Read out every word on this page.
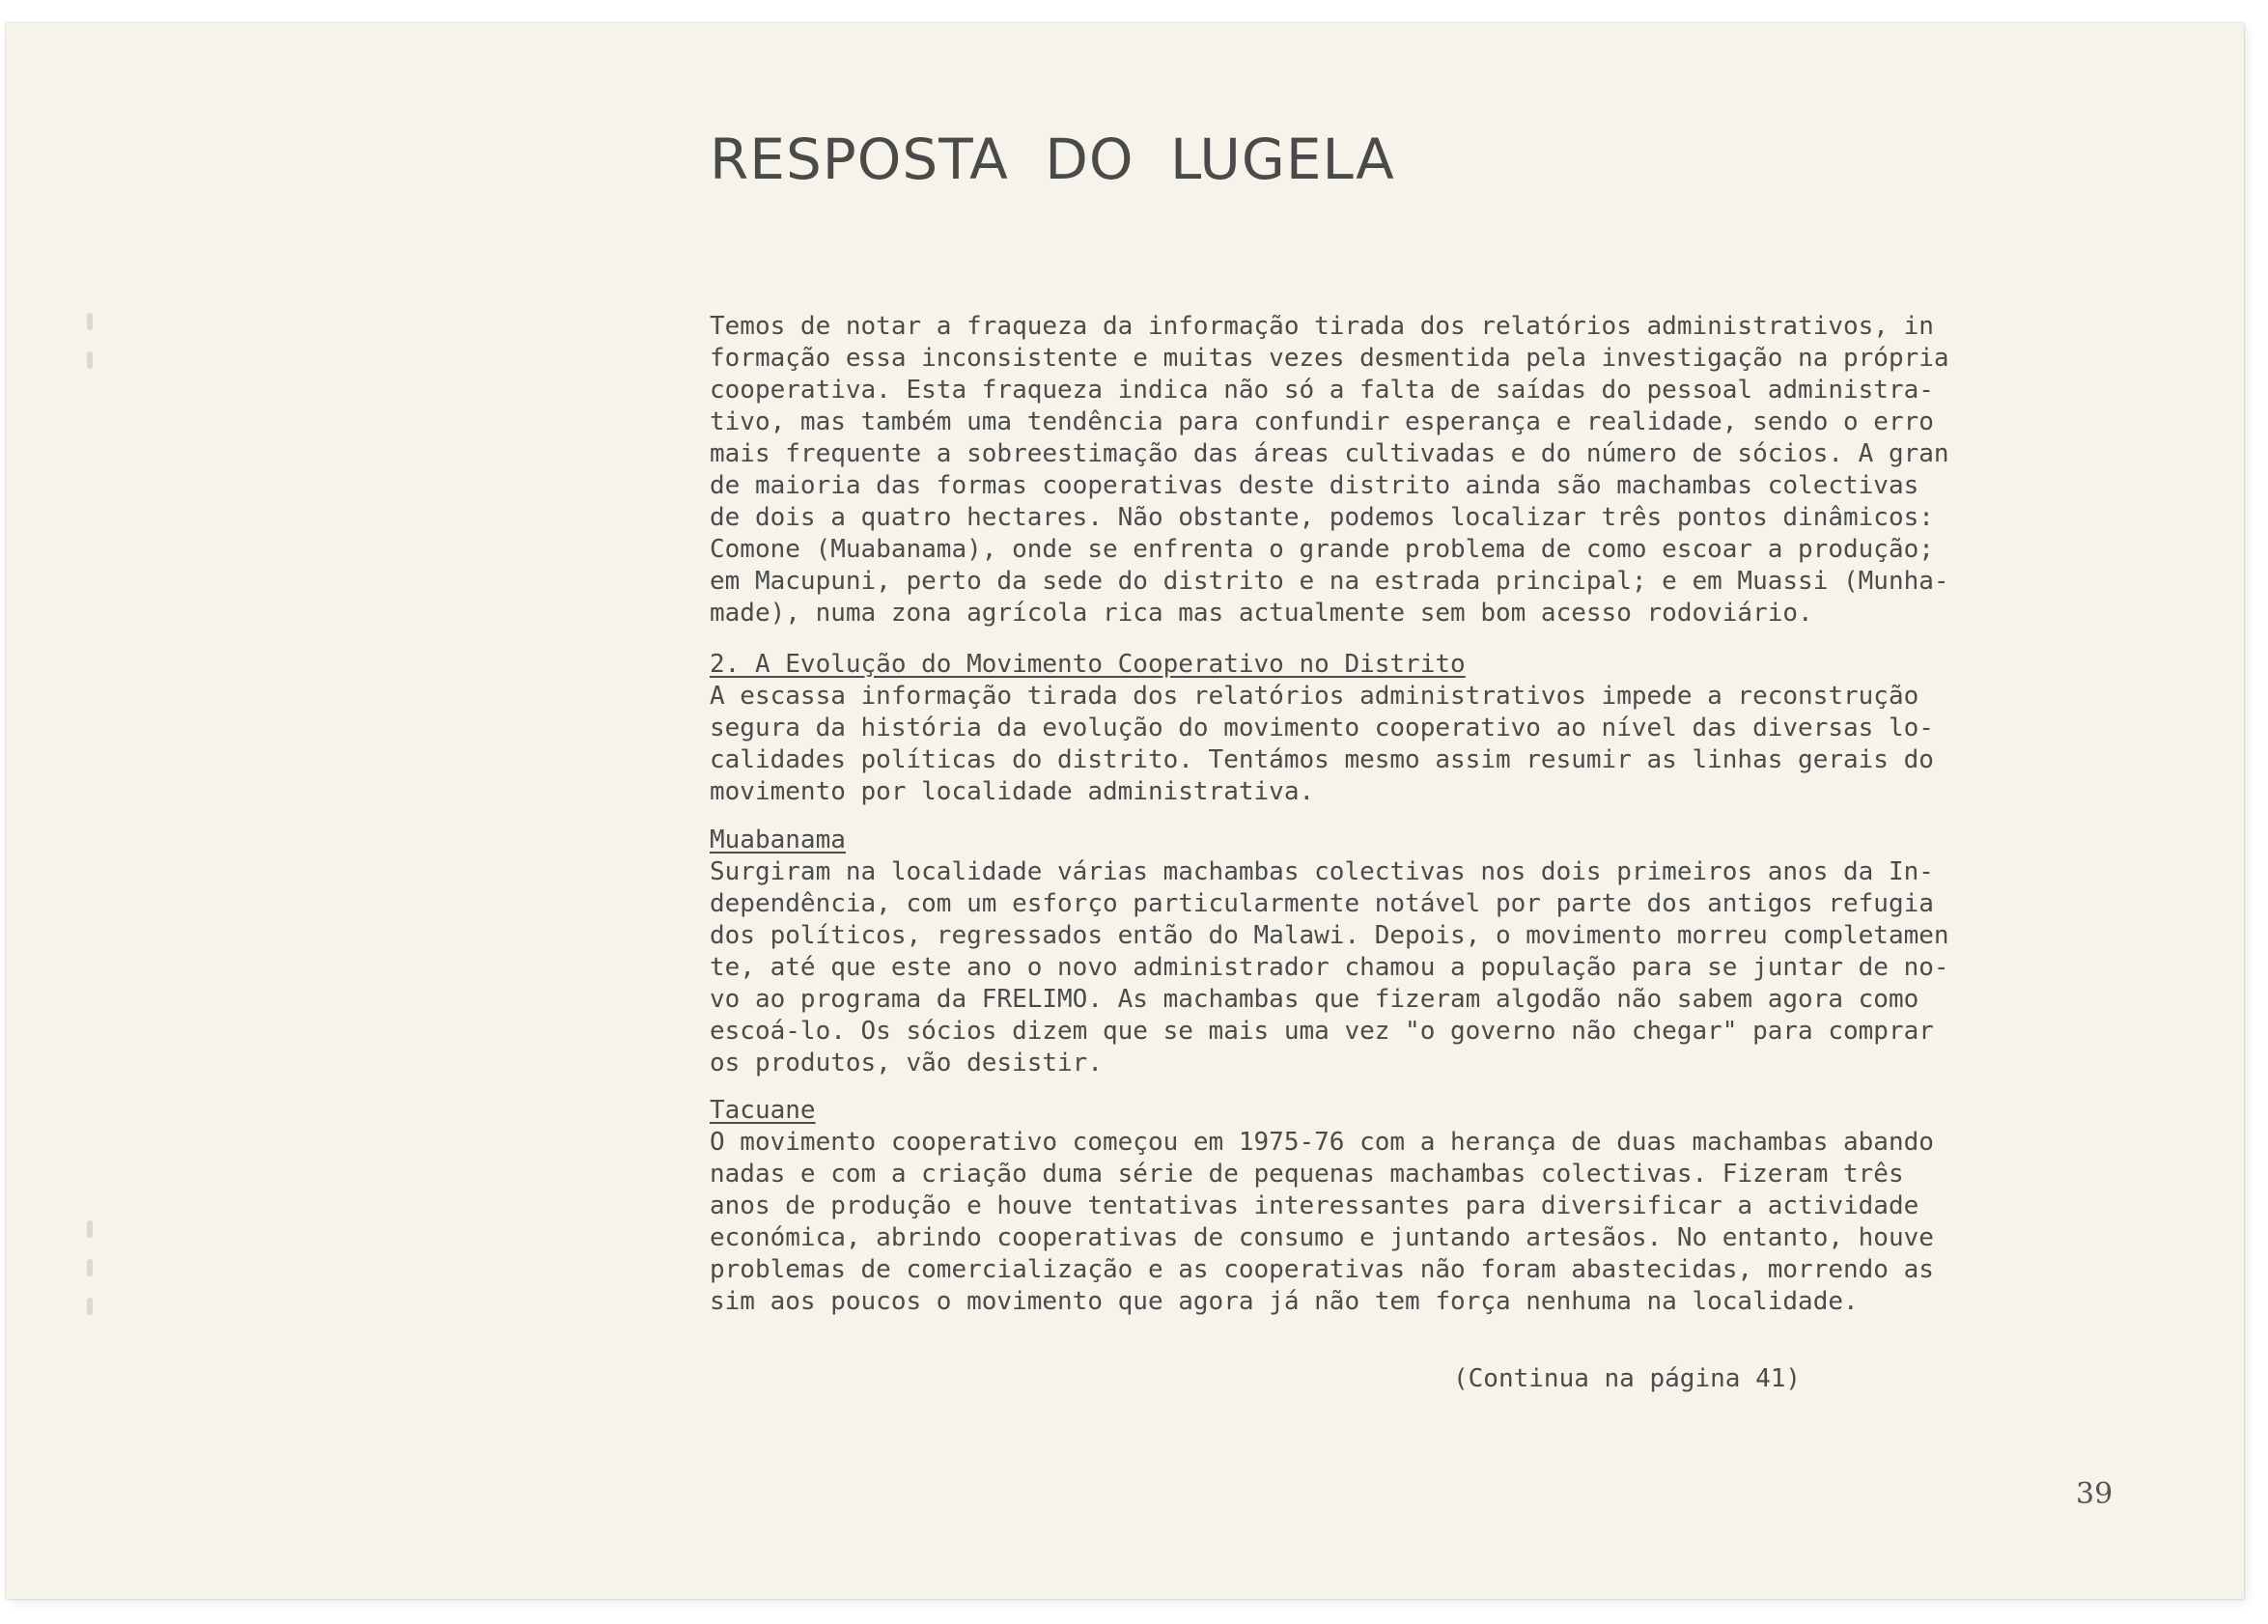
RESPOSTA DO LUGELA

Temos de notar a fraqueza da informação tirada dos relatórios administrativos, in
formação essa inconsistente e muitas vezes desmentida pela investigação na própria
cooperativa. Esta fraqueza indica não só a falta de saídas do pessoal administra-
tivo, mas também uma tendência para confundir esperança e realidade, sendo o erro
mais frequente a sobreestimação das áreas cultivadas e do número de sócios. A gran
de maioria das formas cooperativas deste distrito ainda são machambas colectivas
de dois a quatro hectares. Não obstante, podemos localizar três pontos dinâmicos:
Comone (Muabanama), onde se enfrenta o grande problema de como escoar a produção;
em Macupuni, perto da sede do distrito e na estrada principal; e em Muassi (Munha-
made), numa zona agrícola rica mas actualmente sem bom acesso rodoviário.

2. A Evolução do Movimento Cooperativo no Distrito

A escassa informação tirada dos relatórios administrativos impede a reconstrução
segura da história da evolução do movimento cooperativo ao nível das diversas lo-
calidades políticas do distrito. Tentámos mesmo assim resumir as linhas gerais do
movimento por localidade administrativa.

Muabanama

Surgiram na localidade várias machambas colectivas nos dois primeiros anos da In-
dependência, com um esforço particularmente notável por parte dos antigos refugia
dos políticos, regressados então do Malawi. Depois, o movimento morreu completamen
te, até que este ano o novo administrador chamou a população para se juntar de no-
vo ao programa da FRELIMO. As machambas que fizeram algodão não sabem agora como
escoá-lo. Os sócios dizem que se mais uma vez "o governo não chegar" para comprar
os produtos, vão desistir.

Tacuane

O movimento cooperativo começou em 1975-76 com a herança de duas machambas abando
nadas e com a criação duma série de pequenas machambas colectivas. Fizeram três
anos de produção e houve tentativas interessantes para diversificar a actividade
económica, abrindo cooperativas de consumo e juntando artesãos. No entanto, houve
problemas de comercialização e as cooperativas não foram abastecidas, morrendo as
sim aos poucos o movimento que agora já não tem força nenhuma na localidade.

(Continua na página 41)
39
